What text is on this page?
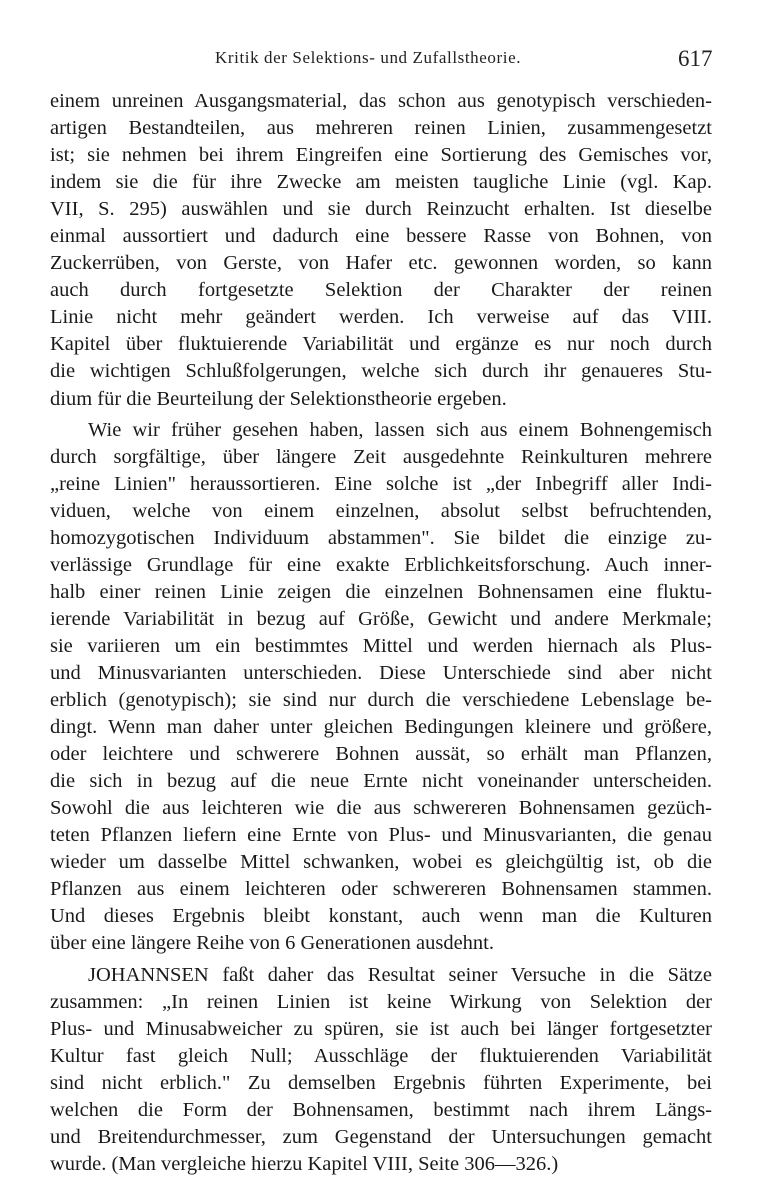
Kritik der Selektions- und Zufallstheorie.	617
einem unreinen Ausgangsmaterial, das schon aus genotypisch verschieden-
artigen Bestandteilen, aus mehreren reinen Linien, zusammengesetzt
ist; sie nehmen bei ihrem Eingreifen eine Sortierung des Gemisches vor,
indem sie die für ihre Zwecke am meisten taugliche Linie (vgl. Kap.
VII, S. 295) auswählen und sie durch Reinzucht erhalten. Ist dieselbe
einmal aussortiert und dadurch eine bessere Rasse von Bohnen, von
Zuckerrüben, von Gerste, von Hafer etc. gewonnen worden, so kann
auch durch fortgesetzte Selektion der Charakter der reinen
Linie nicht mehr geändert werden. Ich verweise auf das VIII.
Kapitel über fluktuierende Variabilität und ergänze es nur noch durch
die wichtigen Schlußfolgerungen, welche sich durch ihr genaueres Stu-
dium für die Beurteilung der Selektionstheorie ergeben.
Wie wir früher gesehen haben, lassen sich aus einem Bohnengemisch
durch sorgfältige, über längere Zeit ausgedehnte Reinkulturen mehrere
„reine Linien" heraussortieren. Eine solche ist „der Inbegriff aller Indi-
viduen, welche von einem einzelnen, absolut selbst befruchtenden,
homozygotischen Individuum abstammen". Sie bildet die einzige zu-
verlässige Grundlage für eine exakte Erblichkeitsforschung. Auch inner-
halb einer reinen Linie zeigen die einzelnen Bohnensamen eine fluktu-
ierende Variabilität in bezug auf Größe, Gewicht und andere Merkmale;
sie variieren um ein bestimmtes Mittel und werden hiernach als Plus-
und Minusvarianten unterschieden. Diese Unterschiede sind aber nicht
erblich (genotypisch); sie sind nur durch die verschiedene Lebenslage be-
dingt. Wenn man daher unter gleichen Bedingungen kleinere und größere,
oder leichtere und schwerere Bohnen aussät, so erhält man Pflanzen,
die sich in bezug auf die neue Ernte nicht voneinander unterscheiden.
Sowohl die aus leichteren wie die aus schwereren Bohnensamen gezüch-
teten Pflanzen liefern eine Ernte von Plus- und Minusvarianten, die genau
wieder um dasselbe Mittel schwanken, wobei es gleichgültig ist, ob die
Pflanzen aus einem leichteren oder schwereren Bohnensamen stammen.
Und dieses Ergebnis bleibt konstant, auch wenn man die Kulturen
über eine längere Reihe von 6 Generationen ausdehnt.
JOHANNSEN faßt daher das Resultat seiner Versuche in die Sätze
zusammen: „In reinen Linien ist keine Wirkung von Selektion der
Plus- und Minusabweicher zu spüren, sie ist auch bei länger fortgesetzter
Kultur fast gleich Null; Ausschläge der fluktuierenden Variabilität
sind nicht erblich." Zu demselben Ergebnis führten Experimente, bei
welchen die Form der Bohnensamen, bestimmt nach ihrem Längs-
und Breitendurchmesser, zum Gegenstand der Untersuchungen gemacht
wurde. (Man vergleiche hierzu Kapitel VIII, Seite 306—326.)
